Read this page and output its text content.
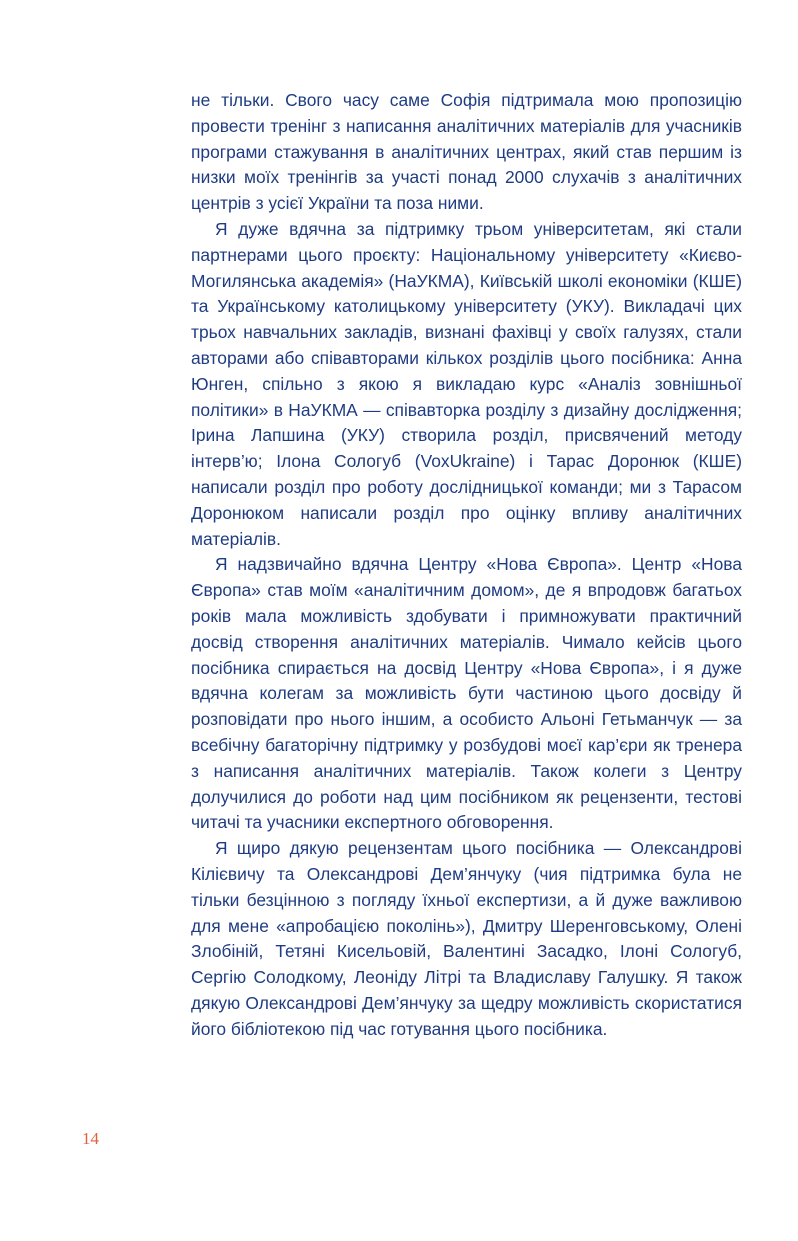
не тільки. Свого часу саме Софія підтримала мою пропозицію провести тренінг з написання аналітичних матеріалів для учасників програми стажування в аналітичних центрах, який став першим із низки моїх тренінгів за участі понад 2000 слухачів з аналітичних центрів з усієї України та поза ними.

Я дуже вдячна за підтримку трьом університетам, які стали партнерами цього проєкту: Національному університету «Києво-Могилянська академія» (НаУКМА), Київській школі економіки (КШЕ) та Українському католицькому університету (УКУ). Викладачі цих трьох навчальних закладів, визнані фахівці у своїх галузях, стали авторами або співавторами кількох розділів цього посібника: Анна Юнген, спільно з якою я викладаю курс «Аналіз зовнішньої політики» в НаУКМА — співавторка розділу з дизайну дослідження; Ірина Лапшина (УКУ) створила розділ, присвячений методу інтерв’ю; Ілона Сологуб (VoxUkraine) і Тарас Доронюк (КШЕ) написали розділ про роботу дослідницької команди; ми з Тарасом Доронюком написали розділ про оцінку впливу аналітичних матеріалів.

Я надзвичайно вдячна Центру «Нова Європа». Центр «Нова Європа» став моїм «аналітичним домом», де я впродовж багатьох років мала можливість здобувати і примножувати практичний досвід створення аналітичних матеріалів. Чимало кейсів цього посібника спирається на досвід Центру «Нова Європа», і я дуже вдячна колегам за можливість бути частиною цього досвіду й розповідати про нього іншим, а особисто Альоні Гетьманчук — за всебічну багаторічну підтримку у розбудові моєї кар’єри як тренера з написання аналітичних матеріалів. Також колеги з Центру долучилися до роботи над цим посібником як рецензенти, тестові читачі та учасники експертного обговорення.

Я щиро дякую рецензентам цього посібника — Олександрові Кілієвичу та Олександрові Дем’янчуку (чия підтримка була не тільки безцінною з погляду їхньої експертизи, а й дуже важливою для мене «апробацією поколінь»), Дмитру Шеренговському, Олені Злобіній, Тетяні Кисельовій, Валентині Засадко, Ілоні Сологуб, Сергію Солодкому, Леоніду Літрі та Владиславу Галушку. Я також дякую Олександрові Дем’янчуку за щедру можливість скористатися його бібліотекою під час готування цього посібника.

14
